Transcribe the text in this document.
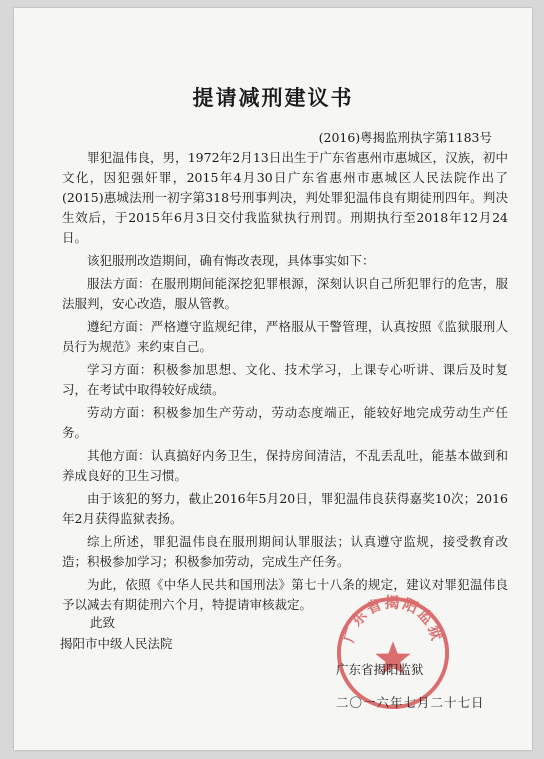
提请减刑建议书
(2016)粤揭监刑执字第1183号

罪犯温伟良，男，1972年2月13日出生于广东省惠州市惠城区，汉族，初中文化，因犯强奸罪，2015年4月30日广东省惠州市惠城区人民法院作出了(2015)惠城法刑一初字第318号刑事判决，判处罪犯温伟良有期徒刑四年。判决生效后，于2015年6月3日交付我监狱执行刑罚。刑期执行至2018年12月24日。

该犯服刑改造期间，确有悔改表现，具体事实如下：

服法方面：在服刑期间能深挖犯罪根源，深刻认识自己所犯罪行的危害，服法服判，安心改造，服从管教。

遵纪方面：严格遵守监规纪律，严格服从干警管理，认真按照《监狱服刑人员行为规范》来约束自己。

学习方面：积极参加思想、文化、技术学习，上课专心听讲、课后及时复习，在考试中取得较好成绩。

劳动方面：积极参加生产劳动，劳动态度端正，能较好地完成劳动生产任务。

其他方面：认真搞好内务卫生，保持房间清洁，不乱丢乱吐，能基本做到和养成良好的卫生习惯。

由于该犯的努力，截止2016年5月20日，罪犯温伟良获得嘉奖10次；2016年2月获得监狱表扬。

综上所述，罪犯温伟良在服刑期间认罪服法；认真遵守监规，接受教育改造；积极参加学习；积极参加劳动，完成生产任务。

为此，依照《中华人民共和国刑法》第七十八条的规定，建议对罪犯温伟良予以减去有期徒刑六个月，特提请审核裁定。

此致
揭阳市中级人民法院	广东省揭阳监狱
广东省揭阳监狱
二〇一六年七月二十七日
